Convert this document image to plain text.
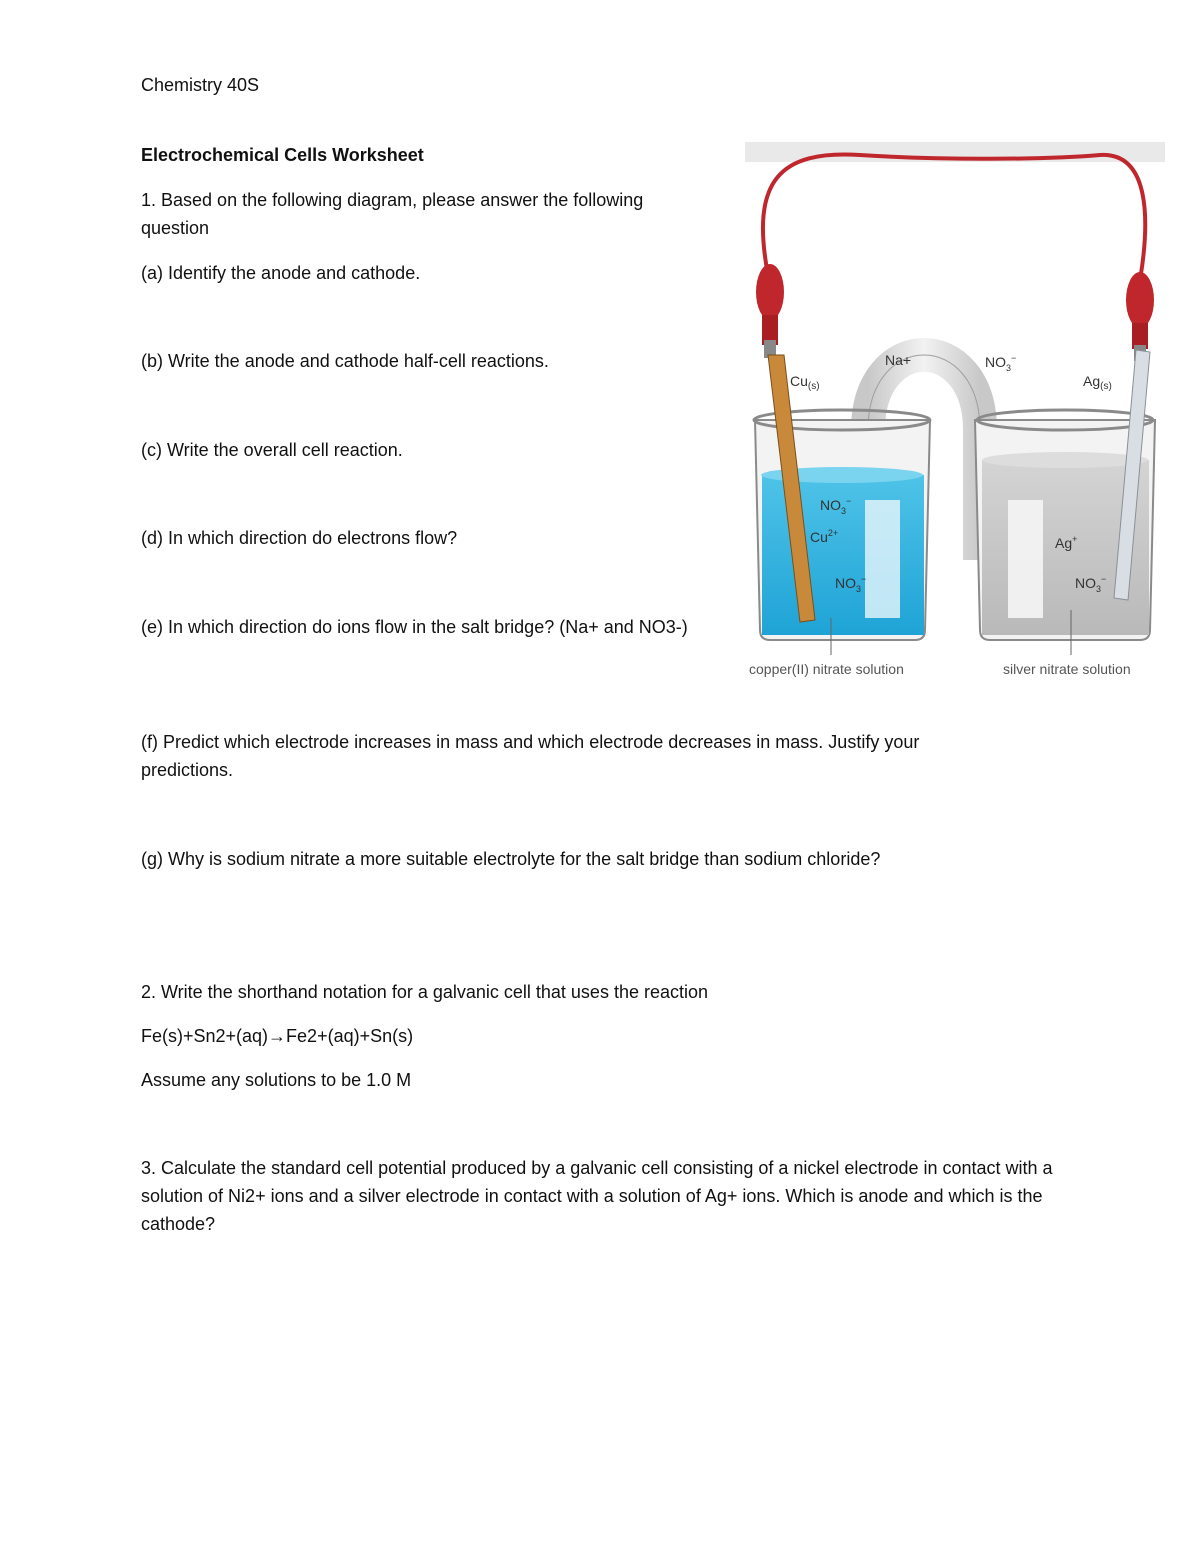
Chemistry 40S
Electrochemical Cells Worksheet
1. Based on the following diagram, please answer the following question
(a) Identify the anode and cathode.
(b) Write the anode and cathode half-cell reactions.
(c) Write the overall cell reaction.
(d) In which direction do electrons flow?
(e) In which direction do ions flow in the salt bridge? (Na+ and NO3-)
(f) Predict which electrode increases in mass and which electrode decreases in mass. Justify your predictions.
(g) Why is sodium nitrate a more suitable electrolyte for the salt bridge than sodium chloride?
2. Write the shorthand notation for a galvanic cell that uses the reaction
Fe(s)+Sn2+(aq)→Fe2+(aq)+Sn(s)
Assume any solutions to be 1.0 M
3. Calculate the standard cell potential produced by a galvanic cell consisting of a nickel electrode in contact with a solution of Ni2+ ions and a silver electrode in contact with a solution of Ag+ ions. Which is anode and which is the cathode?
$Cu_{(s)}$	$Ag_{(s)}$
Na+	$NO_3^-$
$NO_3^-$
$Cu^{2+}$
$NO_3^-$
Ag+
$NO_3^-$
copper(II) nitrate solution	silver nitrate solution
